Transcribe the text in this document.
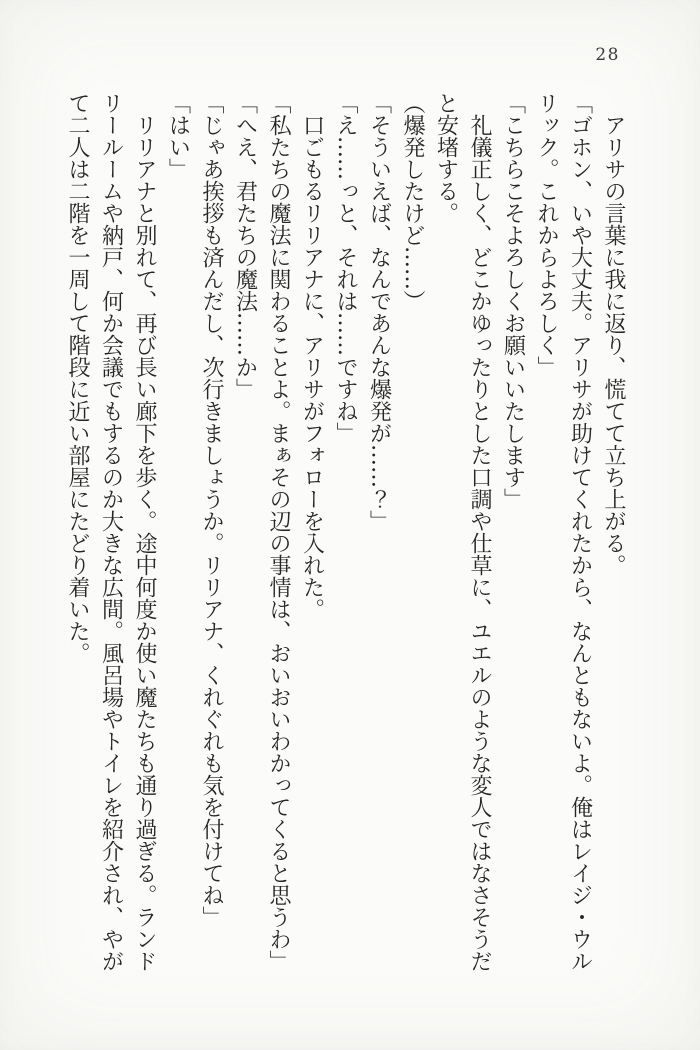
28

アリサの言葉に我に返り、慌てて立ち上がる。

「ゴホン、いや大丈夫。アリサが助けてくれたから、なんともないよ。俺はレイジ・ウルリック。これからよろしく」

「こちらこそよろしくお願いいたします」

礼儀正しく、どこかゆったりとした口調や仕草に、ユエルのような変人ではなさそうだと安堵する。

（爆発したけど……）

「そういえば、なんであんな爆発が……？」

「え……っと、それは……ですね」

口ごもるリリアナに、アリサがフォローを入れた。

「私たちの魔法に関わることよ。まぁその辺の事情は、おいおいわかってくると思うわ」

「へえ、君たちの魔法……か」

「じゃあ挨拶も済んだし、次行きましょうか。リリアナ、くれぐれも気を付けてね」

「はい」

リリアナと別れて、再び長い廊下を歩く。途中何度か使い魔たちも通り過ぎる。ランドリールームや納戸、何か会議でもするのか大きな広間。風呂場やトイレを紹介され、やがて二人は二階を一周して階段に近い部屋にたどり着いた。
